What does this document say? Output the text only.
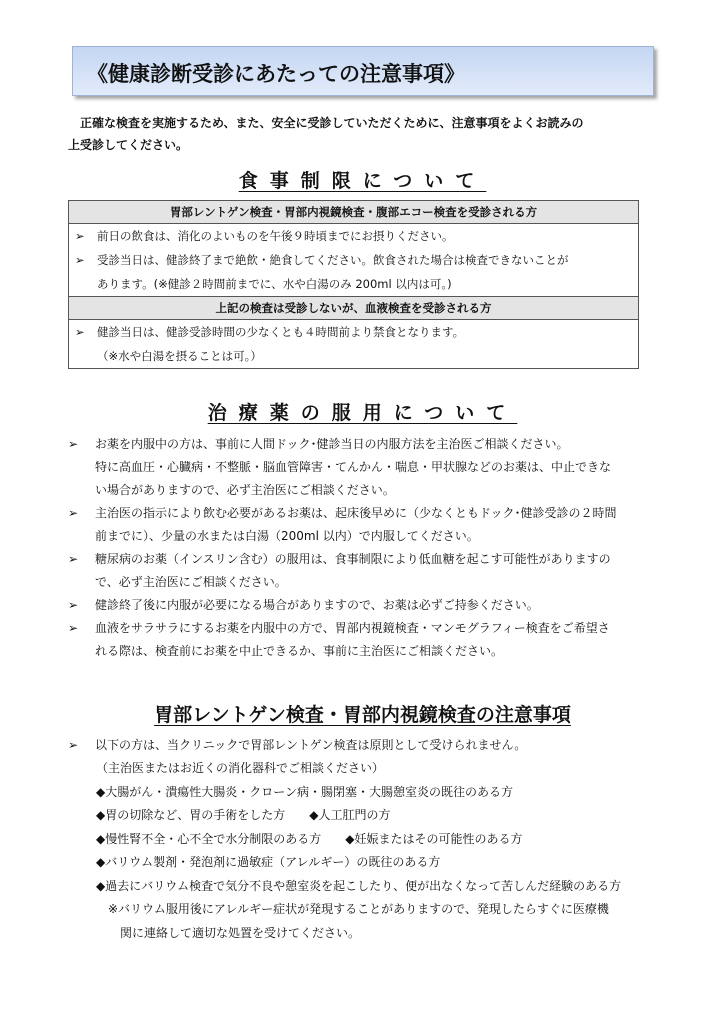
《健康診断受診にあたっての注意事項》
　正確な検査を実施するため、また、安全に受診していただくために、注意事項をよくお読みの
上受診してください。
食事制限について
胃部レントゲン検査・胃部内視鏡検査・腹部エコー検査を受診される方

➢ 前日の飲食は、消化のよいものを午後９時頃までにお摂りください。
➢ 受診当日は、健診終了まで絶飲・絶食してください。飲食された場合は検査できないことが
あります。(※健診２時間前までに、水や白湯のみ 200ml 以内は可。)

上記の検査は受診しないが、血液検査を受診される方

➢ 健診当日は、健診受診時間の少なくとも４時間前より禁食となります。
（※水や白湯を摂ることは可。）
治療薬の服用について
➢ お薬を内服中の方は、事前に人間ドック･健診当日の内服方法を主治医ご相談ください。
特に高血圧・心臓病・不整脈・脳血管障害・てんかん・喘息・甲状腺などのお薬は、中止できな
い場合がありますので、必ず主治医にご相談ください。
➢ 主治医の指示により飲む必要があるお薬は、起床後早めに（少なくともドック･健診受診の２時間
前までに）、少量の水または白湯（200ml 以内）で内服してください。
➢ 糖尿病のお薬（インスリン含む）の服用は、食事制限により低血糖を起こす可能性がありますの
で、必ず主治医にご相談ください。
➢ 健診終了後に内服が必要になる場合がありますので、お薬は必ずご持参ください。
➢ 血液をサラサラにするお薬を内服中の方で、胃部内視鏡検査・マンモグラフィー検査をご希望さ
れる際は、検査前にお薬を中止できるか、事前に主治医にご相談ください。
胃部レントゲン検査・胃部内視鏡検査の注意事項
➢ 以下の方は、当クリニックで胃部レントゲン検査は原則として受けられません。
（主治医またはお近くの消化器科でご相談ください）
◆大腸がん・潰瘍性大腸炎・クローン病・腸閉塞・大腸憩室炎の既往のある方
◆胃の切除など、胃の手術をした方　　◆人工肛門の方
◆慢性腎不全・心不全で水分制限のある方　　◆妊娠またはその可能性のある方
◆バリウム製剤・発泡剤に過敏症（アレルギー）の既往のある方
◆過去にバリウム検査で気分不良や憩室炎を起こしたり、便が出なくなって苦しんだ経験のある方
　※バリウム服用後にアレルギー症状が発現することがありますので、発現したらすぐに医療機
　　関に連絡して適切な処置を受けてください。
